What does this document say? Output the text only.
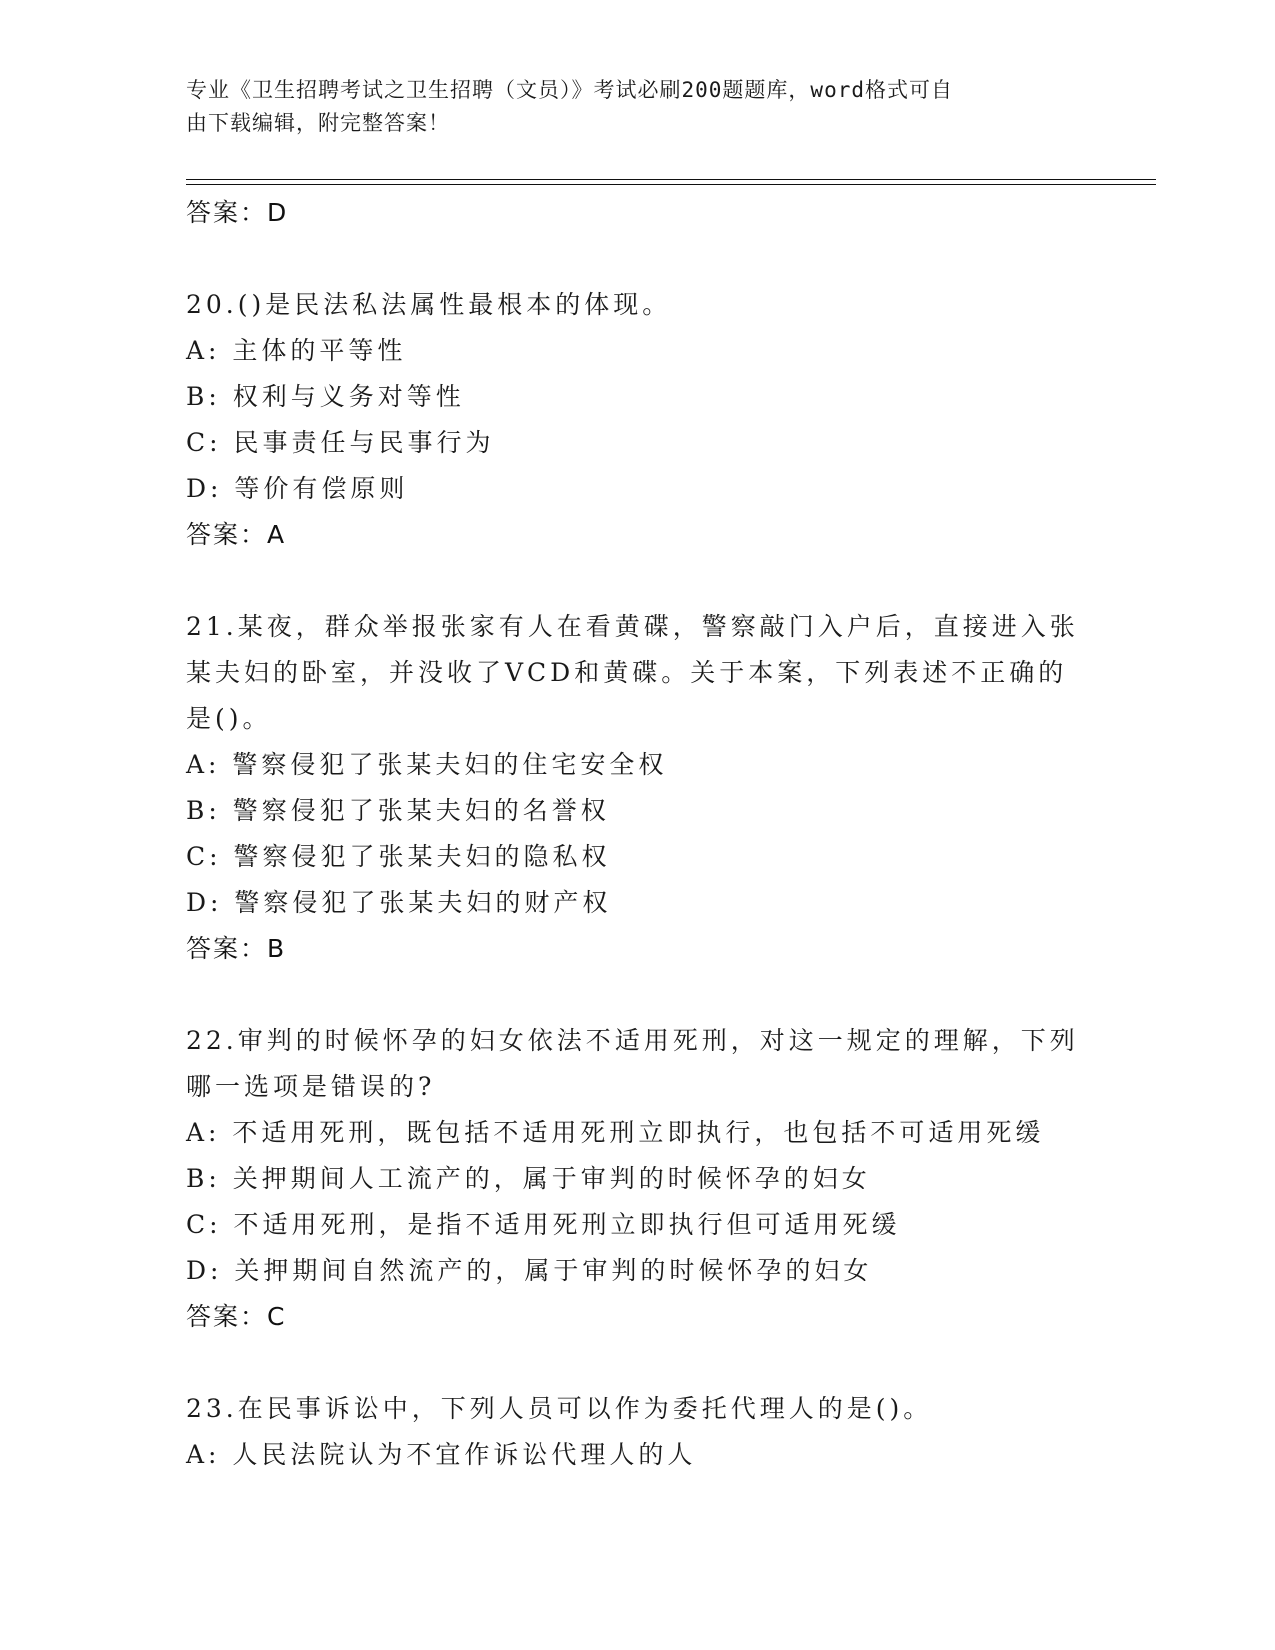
专业《卫生招聘考试之卫生招聘（文员）》考试必刷200题题库，word格式可自
由下载编辑，附完整答案！
答案：D
20.()是民法私法属性最根本的体现。
A: 主体的平等性
B: 权利与义务对等性
C: 民事责任与民事行为
D: 等价有偿原则
答案：A
21.某夜，群众举报张家有人在看黄碟，警察敲门入户后，直接进入张
某夫妇的卧室，并没收了VCD和黄碟。关于本案，下列表述不正确的
是()。
A: 警察侵犯了张某夫妇的住宅安全权
B: 警察侵犯了张某夫妇的名誉权
C: 警察侵犯了张某夫妇的隐私权
D: 警察侵犯了张某夫妇的财产权
答案：B
22.审判的时候怀孕的妇女依法不适用死刑，对这一规定的理解，下列
哪一选项是错误的?
A: 不适用死刑，既包括不适用死刑立即执行，也包括不可适用死缓
B: 关押期间人工流产的，属于审判的时候怀孕的妇女
C: 不适用死刑，是指不适用死刑立即执行但可适用死缓
D: 关押期间自然流产的，属于审判的时候怀孕的妇女
答案：C
23.在民事诉讼中，下列人员可以作为委托代理人的是()。
A: 人民法院认为不宜作诉讼代理人的人
